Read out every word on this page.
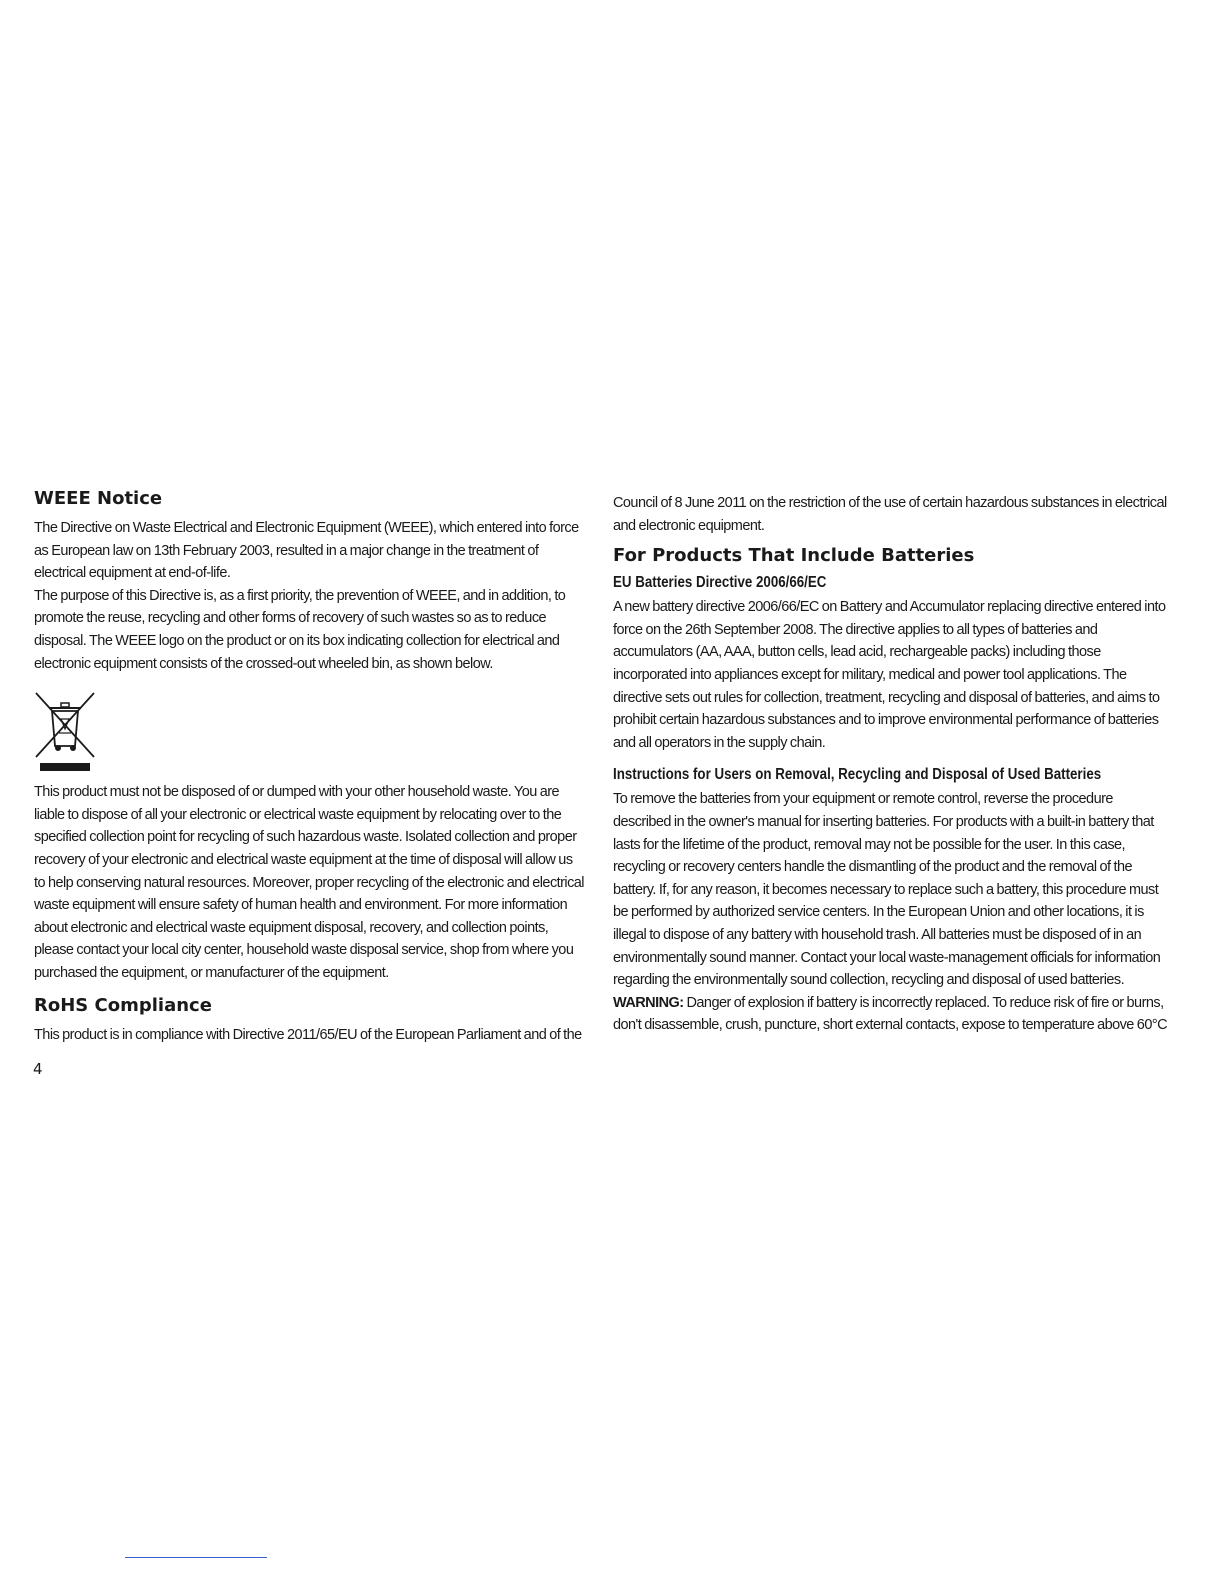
WEEE Notice

The Directive on Waste Electrical and Electronic Equipment (WEEE), which entered into force as European law on 13th February 2003, resulted in a major change in the treatment of electrical equipment at end-of-life.

The purpose of this Directive is, as a first priority, the prevention of WEEE, and in addition, to promote the reuse, recycling and other forms of recovery of such wastes so as to reduce disposal. The WEEE logo on the product or on its box indicating collection for electrical and electronic equipment consists of the crossed-out wheeled bin, as shown below.

This product must not be disposed of or dumped with your other household waste. You are liable to dispose of all your electronic or electrical waste equipment by relocating over to the specified collection point for recycling of such hazardous waste. Isolated collection and proper recovery of your electronic and electrical waste equipment at the time of disposal will allow us to help conserving natural resources. Moreover, proper recycling of the electronic and electrical waste equipment will ensure safety of human health and environment. For more information about electronic and electrical waste equipment disposal, recovery, and collection points, please contact your local city center, household waste disposal service, shop from where you purchased the equipment, or manufacturer of the equipment.

RoHS Compliance

This product is in compliance with Directive 2011/65/EU of the European Parliament and of the

Council of 8 June 2011 on the restriction of the use of certain hazardous substances in electrical and electronic equipment.

For Products That Include Batteries
EU Batteries Directive 2006/66/EC

A new battery directive 2006/66/EC on Battery and Accumulator replacing directive entered into force on the 26th September 2008. The directive applies to all types of batteries and accumulators (AA, AAA, button cells, lead acid, rechargeable packs) including those incorporated into appliances except for military, medical and power tool applications. The directive sets out rules for collection, treatment, recycling and disposal of batteries, and aims to prohibit certain hazardous substances and to improve environmental performance of batteries and all operators in the supply chain.

Instructions for Users on Removal, Recycling and Disposal of Used Batteries

To remove the batteries from your equipment or remote control, reverse the procedure described in the owner's manual for inserting batteries. For products with a built-in battery that lasts for the lifetime of the product, removal may not be possible for the user. In this case, recycling or recovery centers handle the dismantling of the product and the removal of the battery. If, for any reason, it becomes necessary to replace such a battery, this procedure must be performed by authorized service centers. In the European Union and other locations, it is illegal to dispose of any battery with household trash. All batteries must be disposed of in an environmentally sound manner. Contact your local waste-management officials for information regarding the environmentally sound collection, recycling and disposal of used batteries.

WARNING: Danger of explosion if battery is incorrectly replaced. To reduce risk of fire or burns, don't disassemble, crush, puncture, short external contacts, expose to temperature above 60°C

4
